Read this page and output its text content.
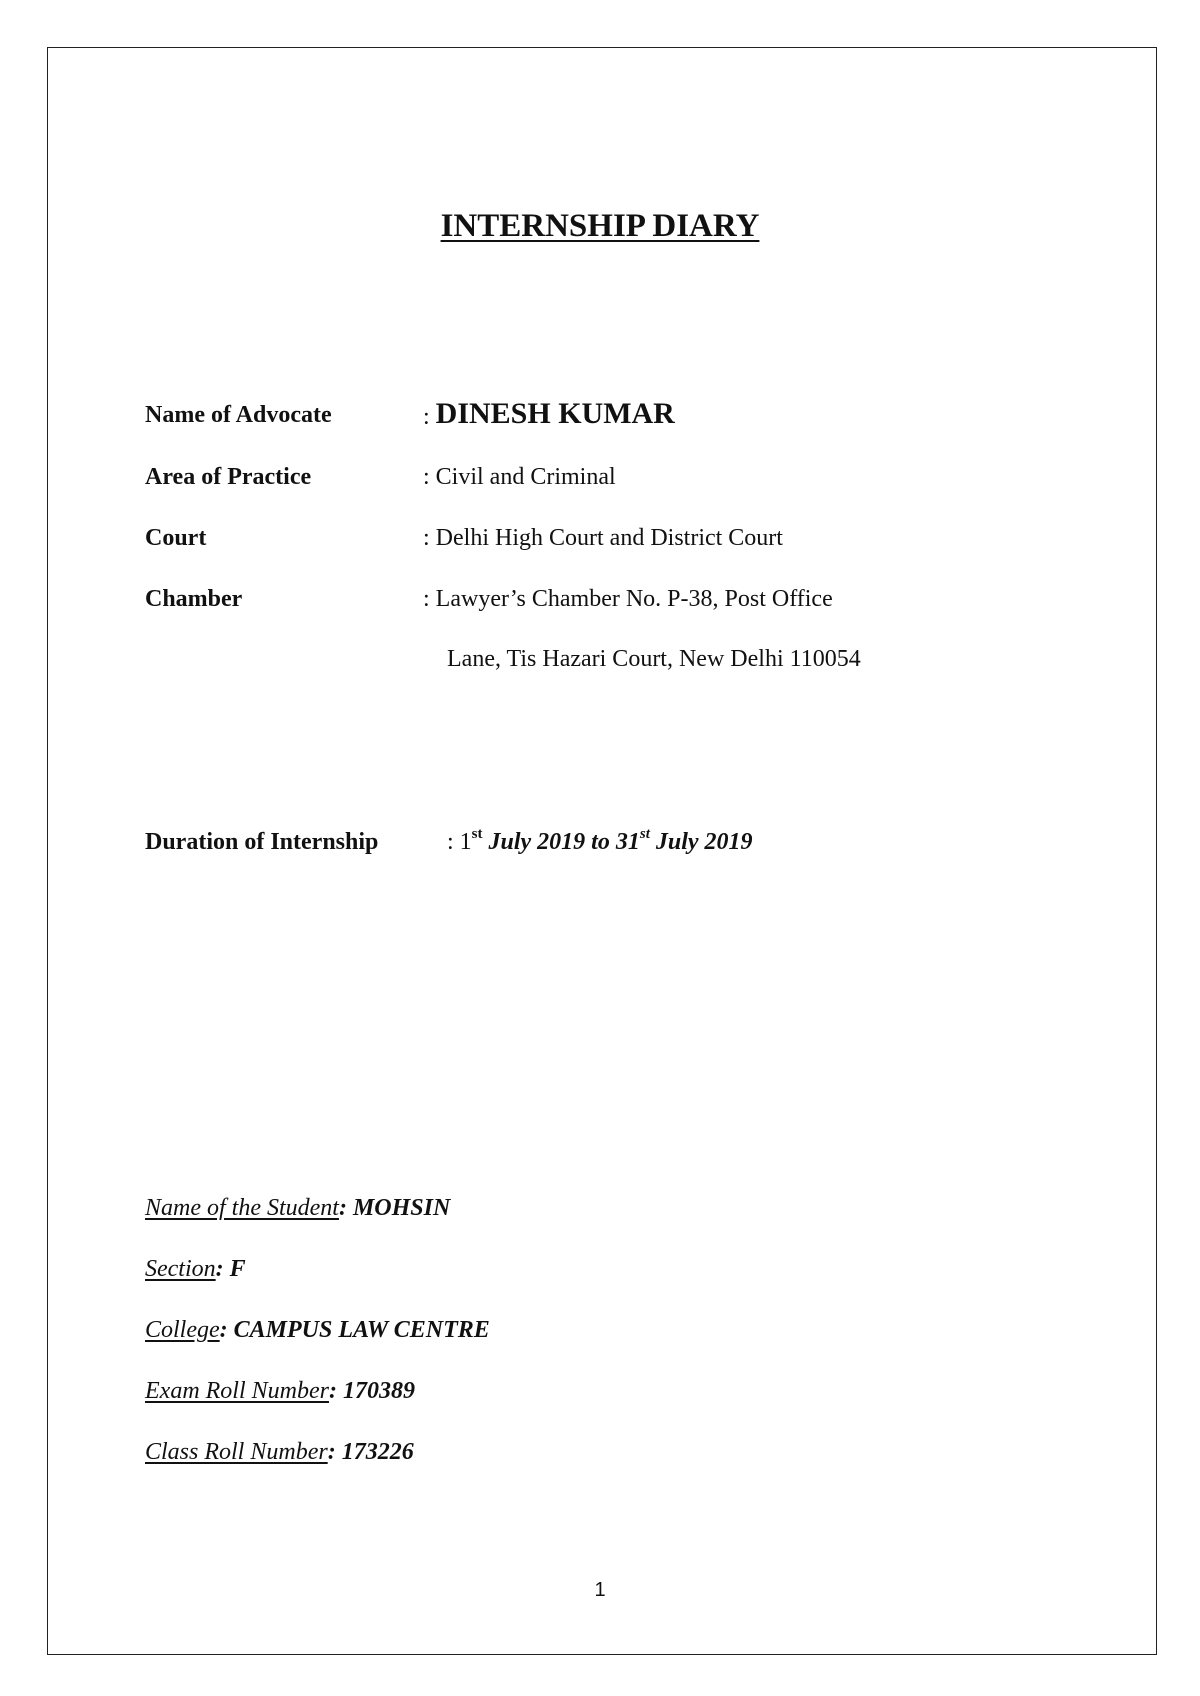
INTERNSHIP DIARY
Name of Advocate	: DINESH KUMAR
Area of Practice	: Civil and Criminal
Court	: Delhi High Court and District Court
Chamber	: Lawyer’s Chamber No. P-38, Post Office
Lane, Tis Hazari Court, New Delhi 110054
Duration of Internship	: 1st July 2019 to 31st July 2019
Name of the Student: MOHSIN
Section: F
College: CAMPUS LAW CENTRE
Exam Roll Number: 170389
Class Roll Number: 173226
1
